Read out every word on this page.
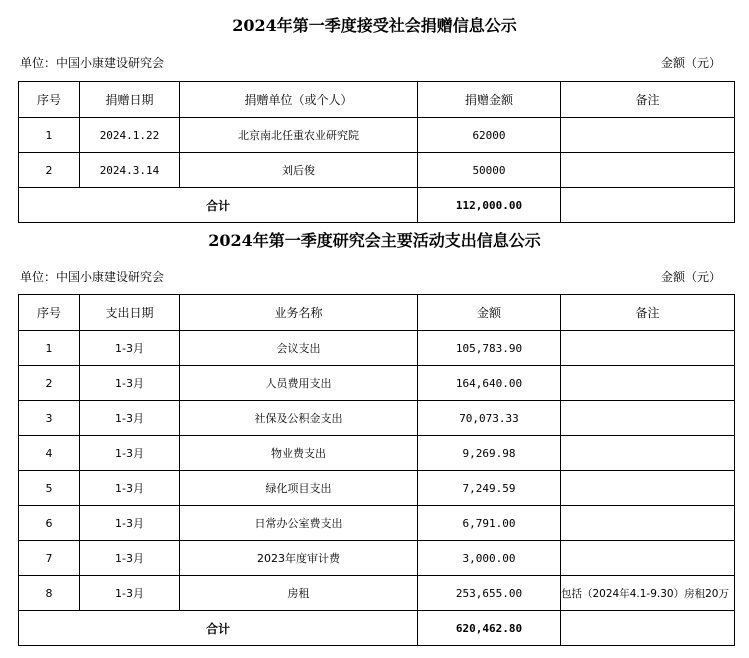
2024年第一季度接受社会捐赠信息公示
单位：中国小康建设研究会	金额（元）
序号	捐赠日期	捐赠单位（或个人）	捐赠金额	备注
1	2024.1.22	北京南北任重农业研究院	62000	
2	2024.3.14	刘后俊	50000	
合计			112,000.00	
2024年第一季度研究会主要活动支出信息公示
单位：中国小康建设研究会	金额（元）
序号	支出日期	业务名称	金额	备注
1	1-3月	会议支出	105,783.90	
2	1-3月	人员费用支出	164,640.00	
3	1-3月	社保及公积金支出	70,073.33	
4	1-3月	物业费支出	9,269.98	
5	1-3月	绿化项目支出	7,249.59	
6	1-3月	日常办公室费支出	6,791.00	
7	1-3月	2023年度审计费	3,000.00	
8	1-3月	房租	253,655.00	包括（2024年4.1-9.30）房租20万
合计			620,462.80	
